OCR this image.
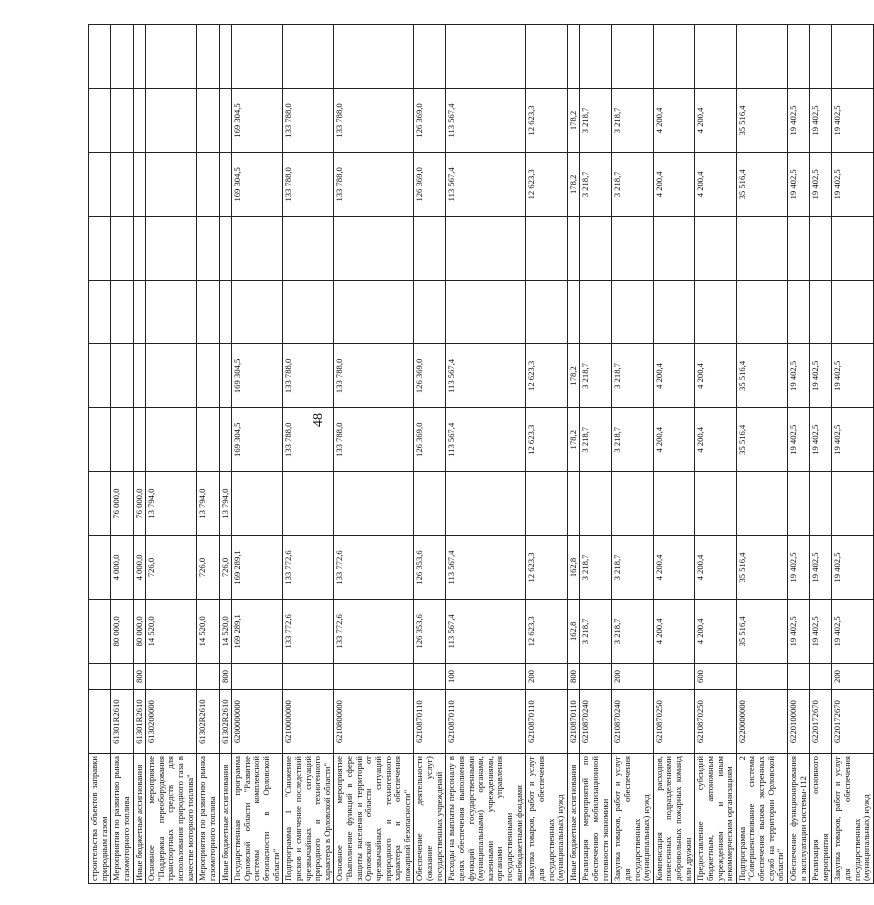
48
строительства объектов заправки природным газом												
Мероприятия по развитию рынка газомоторного топлива	61301R2610		80 000,0	4 000,0	76 000,0							
Иные бюджетные ассигнования	61301R2610	800	80 000,0	4 000,0	76 000,0							
Основное мероприятие "Поддержка переоборудования транспортных средств для использования природного газа в качестве моторного топлива"	6130200000		14 520,0	726,0	13 794,0							
Мероприятия по развитию рынка газомоторного топлива	61302R2610		14 520,0	726,0	13 794,0							
Иные бюджетные ассигнования	61302R2610	800	14 520,0	726,0	13 794,0							
Государственная программа Орловской области "Развитие системы комплексной безопасности в Орловской области"	6200000000		169 289,1	169 289,1		169 304,5	169 304,5			169 304,5	169 304,5	
Подпрограмма 1 "Снижение рисков и смягчение последствий чрезвычайных ситуаций природного и техногенного характера в Орловской области"	6210000000		133 772,6	133 772,6		133 788,0	133 788,0			133 788,0	133 788,0	
Основное мероприятие "Выполнение функций в сфере защиты населения и территорий Орловской области от чрезвычайных ситуаций природного и техногенного характера и обеспечения пожарной безопасности"	6210800000		133 772,6	133 772,6		133 788,0	133 788,0			133 788,0	133 788,0	
Обеспечение деятельности (оказание услуг) государственных учреждений	6210870110		126 353,6	126 353,6		126 369,0	126 369,0			126 369,0	126 369,0	
Расходы на выплаты персоналу в целях обеспечения выполнения функций государственными (муниципальными) органами, казенными учреждениями, органами управления государственными внебюджетными фондами	6210870110	100	113 567,4	113 567,4		113 567,4	113 567,4			113 567,4	113 567,4	
Закупка товаров, работ и услуг для обеспечения государственных (муниципальных) нужд	6210870110	200	12 623,3	12 623,3		12 623,3	12 623,3			12 623,3	12 623,3	
Иные бюджетные ассигнования	6210870110	800	162,8	162,8		178,2	178,2			178,2	178,2	
Реализация мероприятий по обеспечению мобилизационной готовности экономики	6210870240		3 218,7	3 218,7		3 218,7	3 218,7			3 218,7	3 218,7	
Закупка товаров, работ и услуг для обеспечения государственных (муниципальных) нужд	6210870240	200	3 218,7	3 218,7		3 218,7	3 218,7			3 218,7	3 218,7	
Компенсация расходов, понесенных подразделениями добровольных пожарных команд или дружин	6210870250		4 200,4	4 200,4		4 200,4	4 200,4			4 200,4	4 200,4	
Предоставление субсидий бюджетным, автономным учреждениям и иным некоммерческим организациям	6210870250	600	4 200,4	4 200,4		4 200,4	4 200,4			4 200,4	4 200,4	
Подпрограмма 2 "Совершенствование системы обеспечения вызова экстренных служб на территории Орловской области"	6220000000		35 516,4	35 516,4		35 516,4	35 516,4			35 516,4	35 516,4	
Обеспечение функционирования и эксплуатации системы-112	6220100000		19 402,5	19 402,5		19 402,5	19 402,5			19 402,5	19 402,5	
Реализация основного мероприятия	6220172670		19 402,5	19 402,5		19 402,5	19 402,5			19 402,5	19 402,5	
Закупка товаров, работ и услуг для обеспечения государственных (муниципальных) нужд	6220172670	200	19 402,5	19 402,5		19 402,5	19 402,5			19 402,5	19 402,5	
